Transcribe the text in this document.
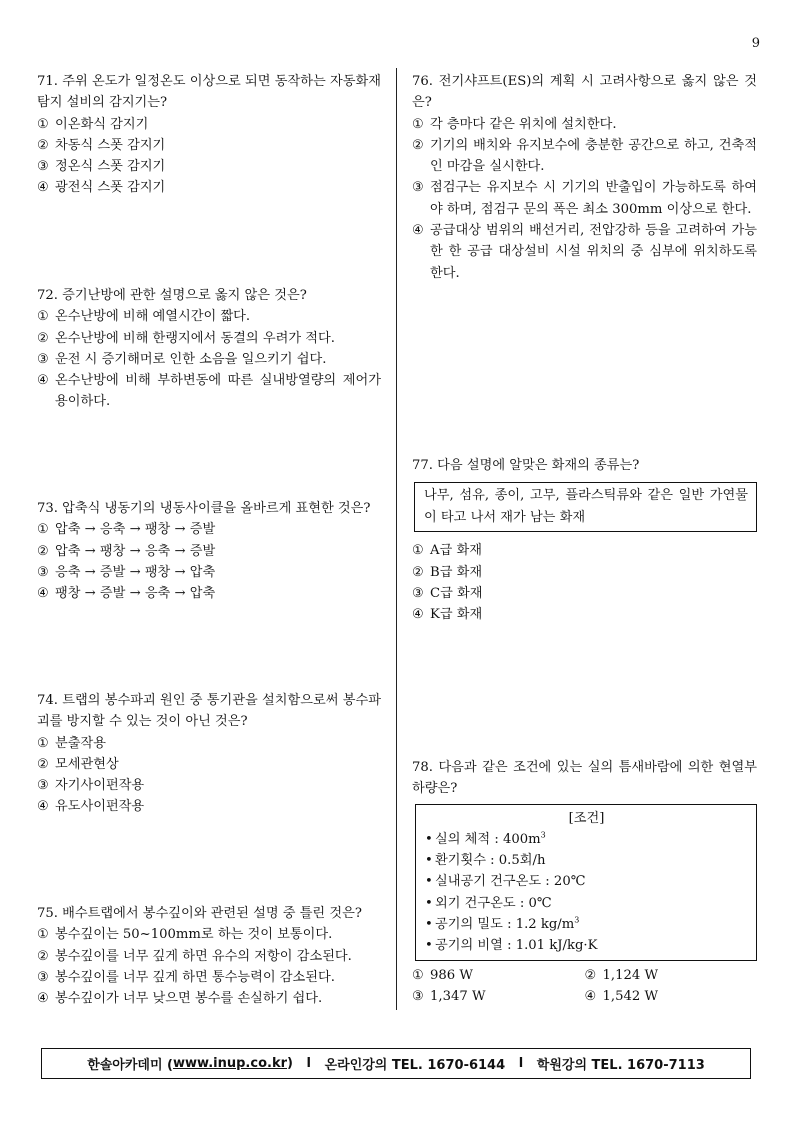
9
71. 주위 온도가 일정온도 이상으로 되면 동작하는 자동화재탐지 설비의 감지기는?
① 이온화식 감지기
② 차동식 스폿 감지기
③ 정온식 스폿 감지기
④ 광전식 스폿 감지기
72. 증기난방에 관한 설명으로 옳지 않은 것은?
① 온수난방에 비해 예열시간이 짧다.
② 온수난방에 비해 한랭지에서 동결의 우려가 적다.
③ 운전 시 증기해머로 인한 소음을 일으키기 쉽다.
④ 온수난방에 비해 부하변동에 따른 실내방열량의 제어가 용이하다.
73. 압축식 냉동기의 냉동사이클을 올바르게 표현한 것은?
① 압축 → 응축 → 팽창 → 증발
② 압축 → 팽창 → 응축 → 증발
③ 응축 → 증발 → 팽창 → 압축
④ 팽창 → 증발 → 응축 → 압축
74. 트랩의 봉수파괴 원인 중 통기관을 설치함으로써 봉수파괴를 방지할 수 있는 것이 아닌 것은?
① 분출작용
② 모세관현상
③ 자기사이펀작용
④ 유도사이펀작용
75. 배수트랩에서 봉수깊이와 관련된 설명 중 틀린 것은?
① 봉수깊이는 50~100mm로 하는 것이 보통이다.
② 봉수깊이를 너무 깊게 하면 유수의 저항이 감소된다.
③ 봉수깊이를 너무 깊게 하면 통수능력이 감소된다.
④ 봉수깊이가 너무 낮으면 봉수를 손실하기 쉽다.
76. 전기샤프트(ES)의 계획 시 고려사항으로 옳지 않은 것은?
① 각 층마다 같은 위치에 설치한다.
② 기기의 배치와 유지보수에 충분한 공간으로 하고, 건축적인 마감을 실시한다.
③ 점검구는 유지보수 시 기기의 반출입이 가능하도록 하여야 하며, 점검구 문의 폭은 최소 300mm 이상으로 한다.
④ 공급대상 범위의 배선거리, 전압강하 등을 고려하여 가능한 한 공급 대상설비 시설 위치의 중 심부에 위치하도록 한다.
77. 다음 설명에 알맞은 화재의 종류는?
나무, 섬유, 종이, 고무, 플라스틱류와 같은 일반 가연물이 타고 나서 재가 남는 화재
① A급 화재
② B급 화재
③ C급 화재
④ K급 화재
78. 다음과 같은 조건에 있는 실의 틈새바람에 의한 현열부하량은?
[조건]
• 실의 체적 : $400m^3$
• 환기횟수 : 0.5회/h
• 실내공기 건구온도 : 20℃
• 외기 건구온도 : 0℃
• 공기의 밀도 : 1.2 $kg/m^3$
• 공기의 비열 : 1.01 kJ/kg·K
① 986 W	② 1,124 W
③ 1,347 W	④ 1,542 W
한솔아카데미 ( www.inup.co.kr )
l
온라인강의 TEL. 1670-6144
l
학원강의 TEL. 1670-7113
